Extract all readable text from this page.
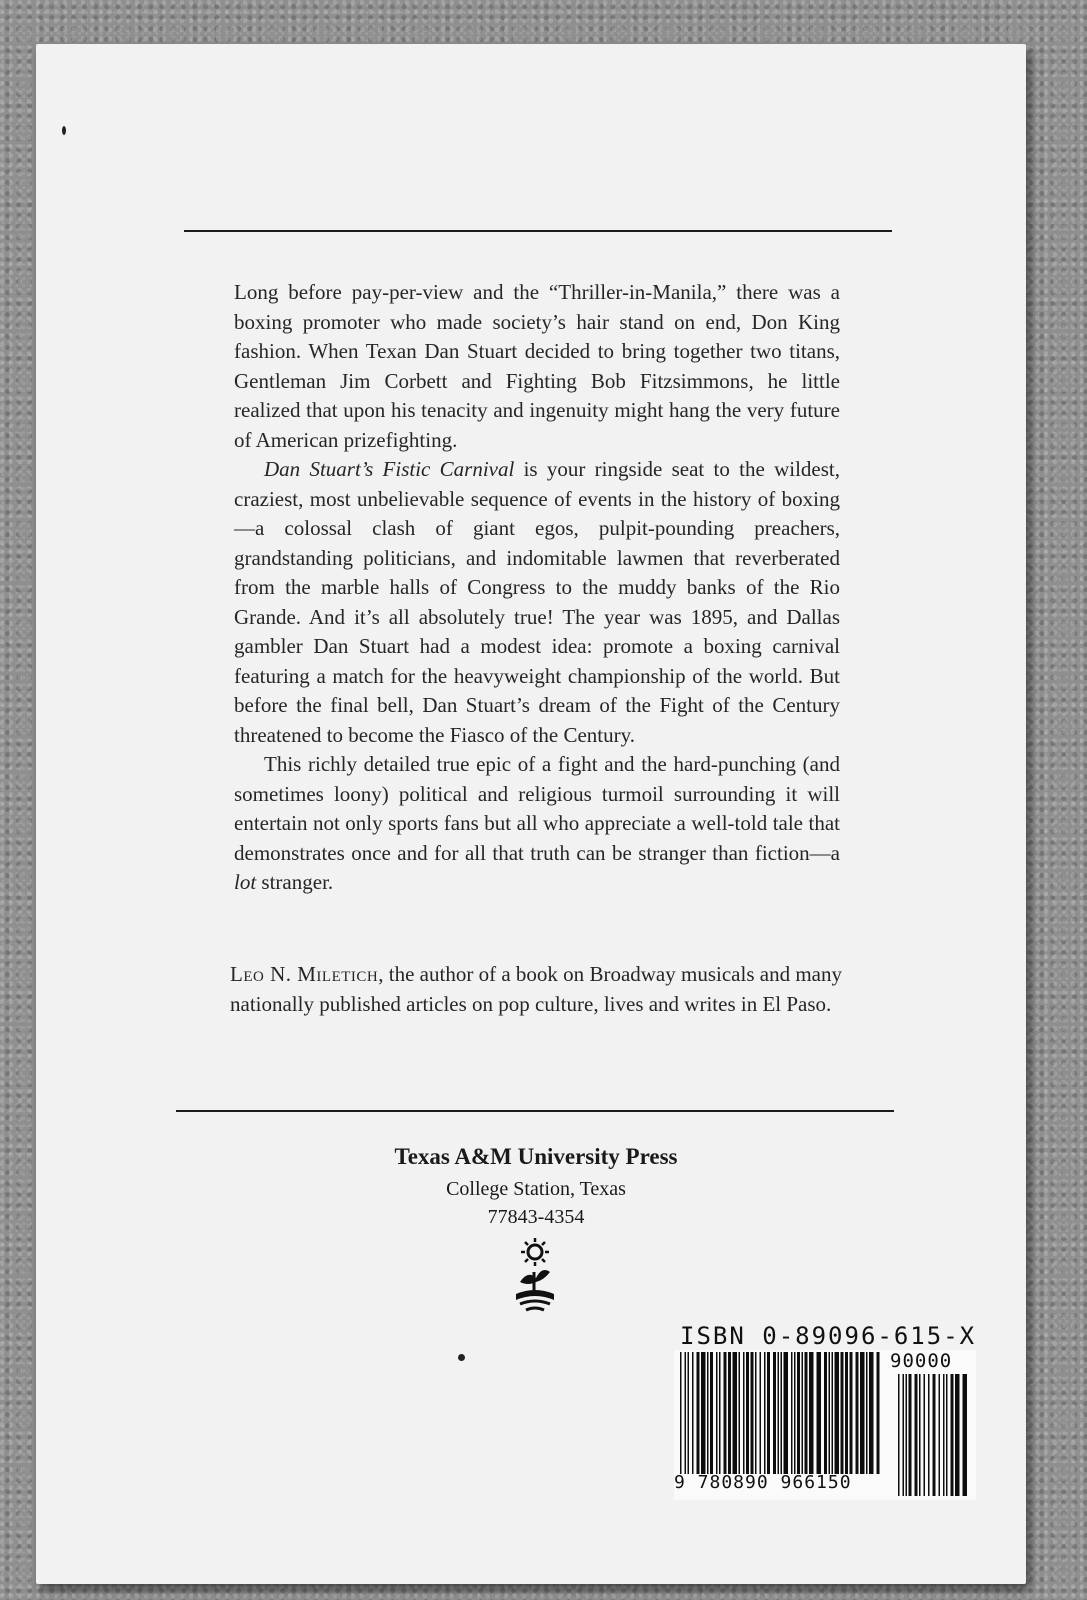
Long before pay-per-view and the “Thriller-in-Manila,” there was a boxing promoter who made society’s hair stand on end, Don King fashion. When Texan Dan Stuart decided to bring together two titans, Gentleman Jim Corbett and Fighting Bob Fitzsimmons, he little realized that upon his tenacity and ingenuity might hang the very future of American prizefighting.

Dan Stuart’s Fistic Carnival is your ringside seat to the wildest, craziest, most unbelievable sequence of events in the history of boxing—a colossal clash of giant egos, pulpit-pounding preachers, grandstanding politicians, and indomitable lawmen that reverberated from the marble halls of Congress to the muddy banks of the Rio Grande. And it’s all absolutely true! The year was 1895, and Dallas gambler Dan Stuart had a modest idea: promote a boxing carnival featuring a match for the heavyweight championship of the world. But before the final bell, Dan Stuart’s dream of the Fight of the Century threatened to become the Fiasco of the Century.

This richly detailed true epic of a fight and the hard-punching (and sometimes loony) political and religious turmoil surrounding it will entertain not only sports fans but all who appreciate a well-told tale that demonstrates once and for all that truth can be stranger than fiction—a lot stranger.

Leo N. Miletich, the author of a book on Broadway musicals and many nationally published articles on pop culture, lives and writes in El Paso.
Texas A&M University Press
College Station, Texas
77843-4354
ISBN 0-89096-615-X
9 780890 966150
90000
